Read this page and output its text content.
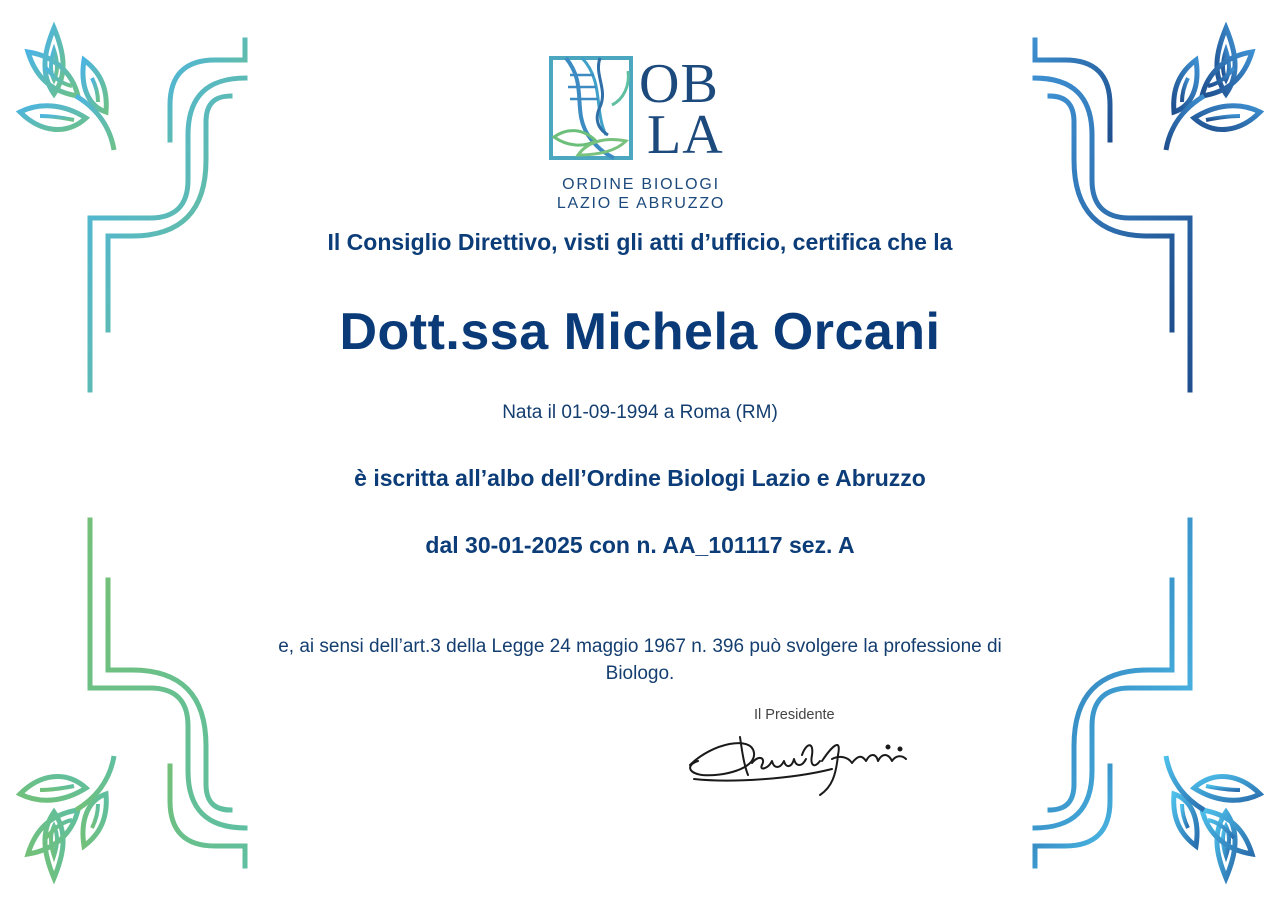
OB
LA
ORDINE BIOLOGI
LAZIO E ABRUZZO

Il Consiglio Direttivo, visti gli atti d’ufficio, certifica che la

Dott.ssa Michela Orcani

Nata il 01-09-1994 a Roma (RM)

è iscritta all’albo dell’Ordine Biologi Lazio e Abruzzo

dal 30-01-2025 con n. AA_101117 sez. A

e, ai sensi dell’art.3 della Legge 24 maggio 1967 n. 396 può svolgere la professione di Biologo.

Il Presidente
